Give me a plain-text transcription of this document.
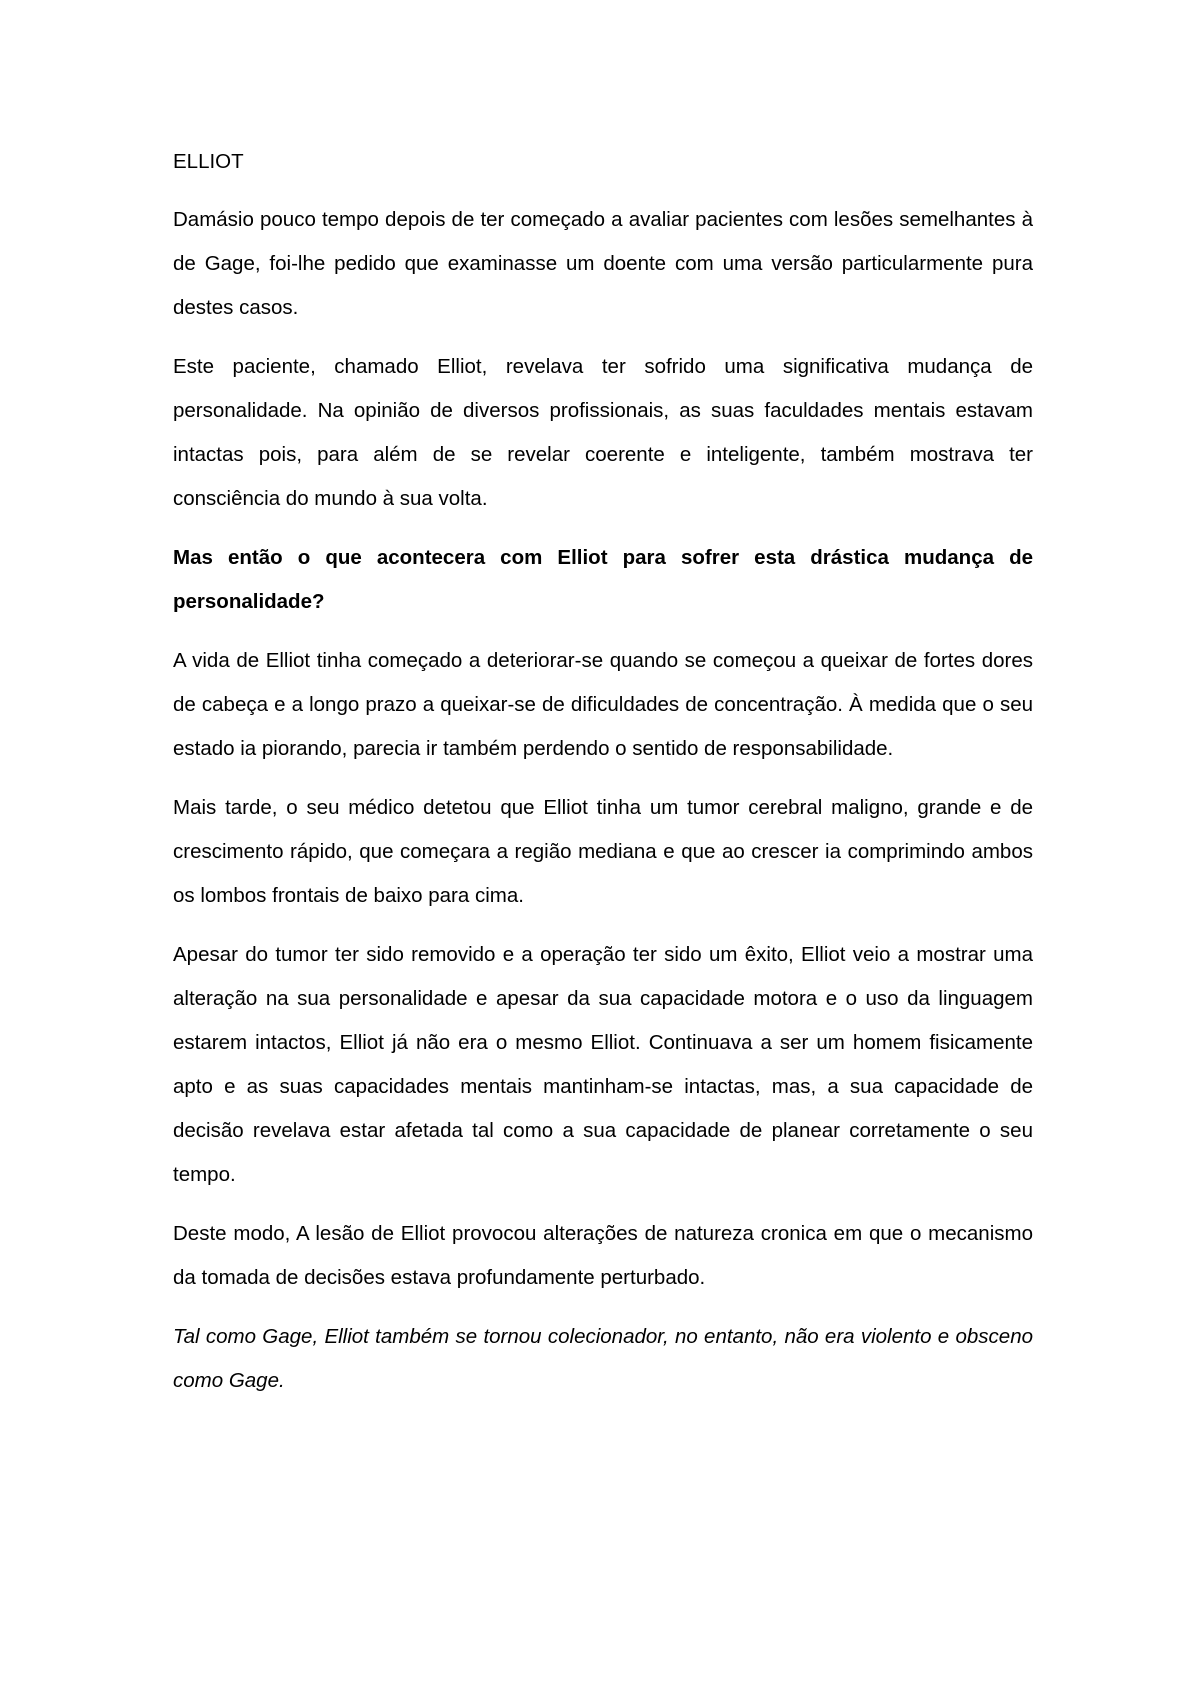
ELLIOT

Damásio pouco tempo depois de ter começado a avaliar pacientes com lesões semelhantes à de Gage, foi-lhe pedido que examinasse um doente com uma versão particularmente pura destes casos.

Este paciente, chamado Elliot, revelava ter sofrido uma significativa mudança de personalidade. Na opinião de diversos profissionais, as suas faculdades mentais estavam intactas pois, para além de se revelar coerente e inteligente, também mostrava ter consciência do mundo à sua volta.

Mas então o que acontecera com Elliot para sofrer esta drástica mudança de personalidade?

A vida de Elliot tinha começado a deteriorar-se quando se começou a queixar de fortes dores de cabeça e a longo prazo a queixar-se de dificuldades de concentração. À medida que o seu estado ia piorando, parecia ir também perdendo o sentido de responsabilidade.

Mais tarde, o seu médico detetou que Elliot tinha um tumor cerebral maligno, grande e de crescimento rápido, que começara a região mediana e que ao crescer ia comprimindo ambos os lombos frontais de baixo para cima.

Apesar do tumor ter sido removido e a operação ter sido um êxito, Elliot veio a mostrar uma alteração na sua personalidade e apesar da sua capacidade motora e o uso da linguagem estarem intactos, Elliot já não era o mesmo Elliot. Continuava a ser um homem fisicamente apto e as suas capacidades mentais mantinham-se intactas, mas, a sua capacidade de decisão revelava estar afetada tal como a sua capacidade de planear corretamente o seu tempo.

Deste modo, A lesão de Elliot provocou alterações de natureza cronica em que o mecanismo da tomada de decisões estava profundamente perturbado.

Tal como Gage, Elliot também se tornou colecionador, no entanto, não era violento e obsceno como Gage.
